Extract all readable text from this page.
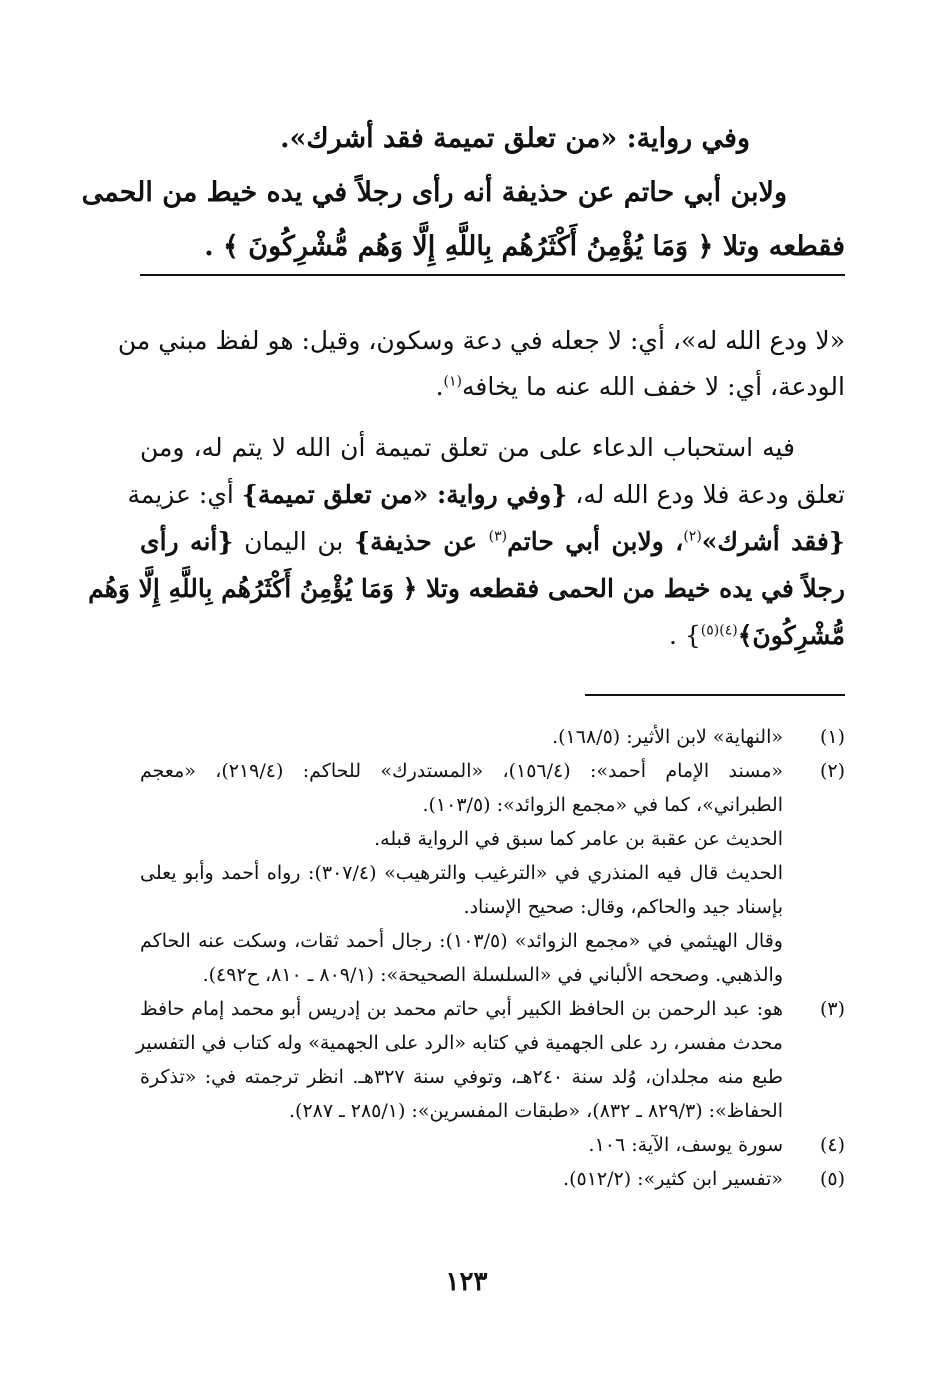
وفي رواية: «من تعلق تميمة فقد أشرك».
ولابن أبي حاتم عن حذيفة أنه رأى رجلاً في يده خيط من الحمى
فقطعه وتلا ﴿ وَمَا يُؤْمِنُ أَكْثَرُهُم بِاللَّهِ إِلَّا وَهُم مُّشْرِكُونَ ﴾ .
«لا ودع الله له»، أي: لا جعله في دعة وسكون، وقيل: هو لفظ مبني من
الودعة، أي: لا خفف الله عنه ما يخافه$^{(١)}$.
فيه استحباب الدعاء على من تعلق تميمة أن الله لا يتم له، ومن
تعلق ودعة فلا ودع الله له، {وفي رواية: «من تعلق تميمة} أي: عزيمة
{فقد أشرك»$^{(٢)}$، ولابن أبي حاتم$^{(٣)}$ عن حذيفة} بن اليمان {أنه رأى
رجلاً في يده خيط من الحمى فقطعه وتلا ﴿ وَمَا يُؤْمِنُ أَكْثَرُهُم بِاللَّهِ إِلَّا وَهُم
مُّشْرِكُونَ﴾$^{(٤)(٥)}$} .
(١)
«النهاية» لابن الأثير: (١٦٨/٥).
(٢)
«مسند الإمام أحمد»: (١٥٦/٤)، «المستدرك» للحاكم: (٢١٩/٤)، «معجم
الطبراني»، كما في «مجمع الزوائد»: (١٠٣/٥).
الحديث عن عقبة بن عامر كما سبق في الرواية قبله.
الحديث قال فيه المنذري في «الترغيب والترهيب» (٣٠٧/٤): رواه أحمد وأبو يعلى
بإسناد جيد والحاكم، وقال: صحيح الإسناد.
وقال الهيثمي في «مجمع الزوائد» (١٠٣/٥): رجال أحمد ثقات، وسكت عنه الحاكم
والذهبي. وصححه الألباني في «السلسلة الصحيحة»: (٨٠٩/١ ـ ٨١٠، ح٤٩٢).
(٣)
هو: عبد الرحمن بن الحافظ الكبير أبي حاتم محمد بن إدريس أبو محمد إمام حافظ
محدث مفسر، رد على الجهمية في كتابه «الرد على الجهمية» وله كتاب في التفسير
طبع منه مجلدان، وُلد سنة ٢٤٠هـ، وتوفي سنة ٣٢٧هـ. انظر ترجمته في: «تذكرة
الحفاظ»: (٨٢٩/٣ ـ ٨٣٢)، «طبقات المفسرين»: (٢٨٥/١ ـ ٢٨٧).
(٤)
سورة يوسف، الآية: ١٠٦.
(٥)
«تفسير ابن كثير»: (٥١٢/٢).
١٢٣
